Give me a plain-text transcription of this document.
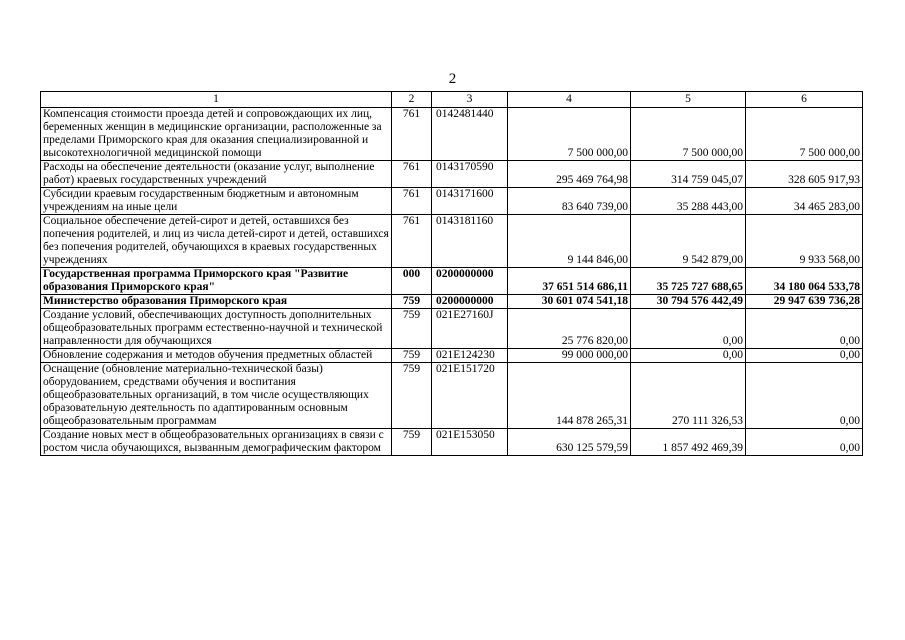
2
1	2	3	4	5	6
Компенсация стоимости проезда детей и сопровождающих их лиц, беременных женщин в медицинские организации, расположенные за пределами Приморского края для оказания специализированной и высокотехнологичной медицинской помощи	761	0142481440	7 500 000,00	7 500 000,00	7 500 000,00
Расходы на обеспечение деятельности (оказание услуг, выполнение работ) краевых государственных учреждений	761	0143170590	295 469 764,98	314 759 045,07	328 605 917,93
Субсидии краевым государственным бюджетным и автономным учреждениям на иные цели	761	0143171600	83 640 739,00	35 288 443,00	34 465 283,00
Социальное обеспечение детей-сирот и детей, оставшихся без попечения родителей, и лиц из числа детей-сирот и детей, оставшихся без попечения родителей, обучающихся в краевых государственных учреждениях	761	0143181160	9 144 846,00	9 542 879,00	9 933 568,00
Государственная программа Приморского края "Развитие образования Приморского края"	000	0200000000	37 651 514 686,11	35 725 727 688,65	34 180 064 533,78
Министерство образования Приморского края	759	0200000000	30 601 074 541,18	30 794 576 442,49	29 947 639 736,28
Создание условий, обеспечивающих доступность дополнительных общеобразовательных программ естественно-научной и технической направленности для обучающихся	759	021E27160J	25 776 820,00	0,00	0,00
Обновление содержания и методов обучения предметных областей	759	021E124230	99 000 000,00	0,00	0,00
Оснащение (обновление материально-технической базы) оборудованием, средствами обучения и воспитания общеобразовательных организаций, в том числе осуществляющих образовательную деятельность по адаптированным основным общеобразовательным программам	759	021E151720	144 878 265,31	270 111 326,53	0,00
Создание новых мест в общеобразовательных организациях в связи с ростом числа обучающихся, вызванным демографическим фактором	759	021E153050	630 125 579,59	1 857 492 469,39	0,00
